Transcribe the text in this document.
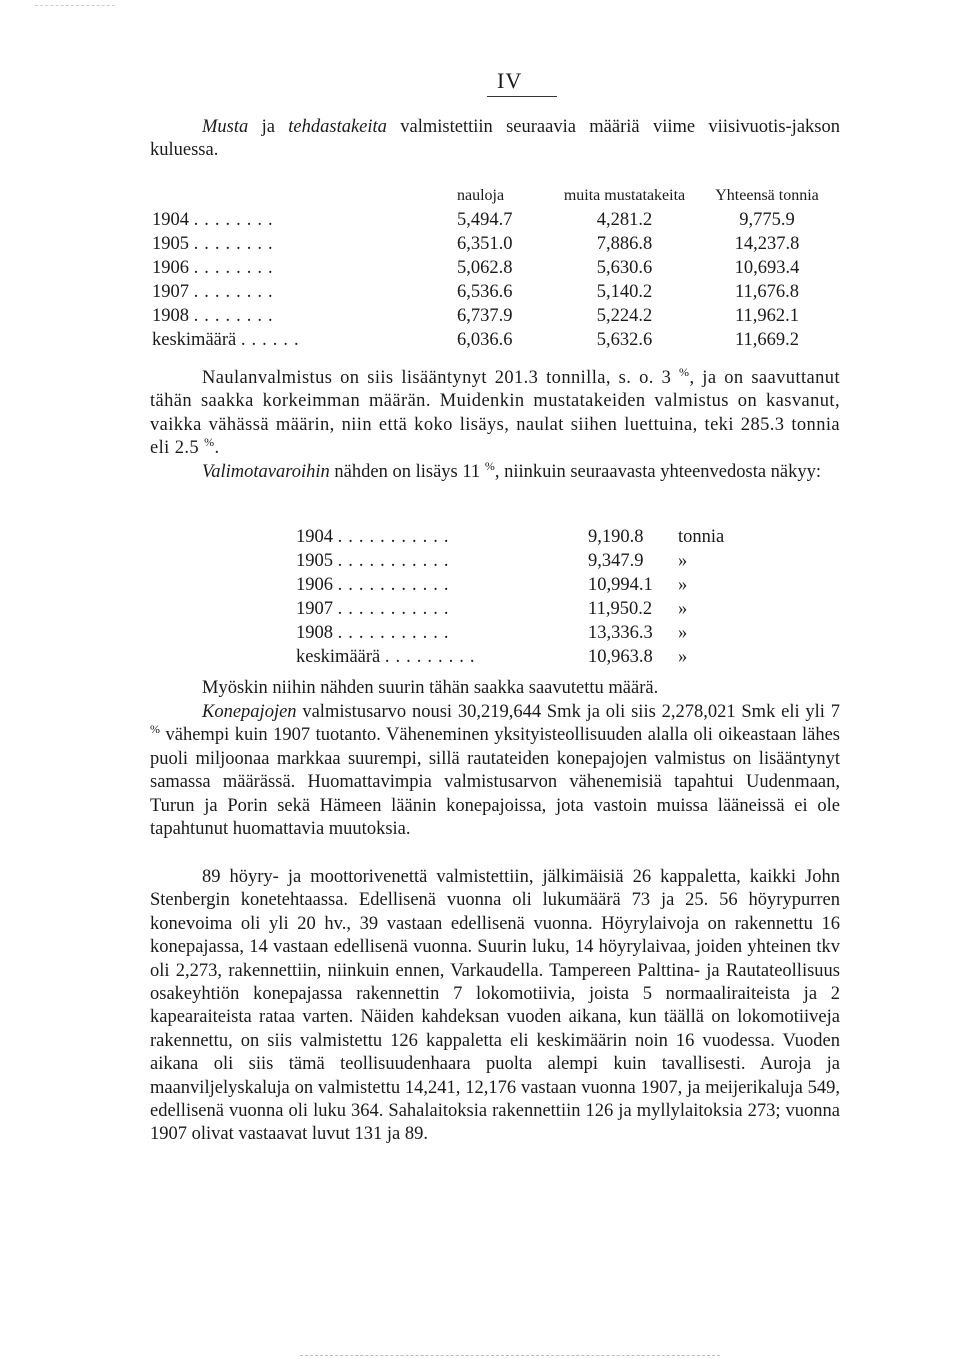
IV

Musta ja tehdastakeita valmistettiin seuraavia määriä viime viisivuotis-jakson kuluessa.

	nauloja	muita mustatakeita	Yhteensä tonnia
1904 ........	5,494.7	4,281.2	9,775.9
1905 ........	6,351.0	7,886.8	14,237.8
1906 ........	5,062.8	5,630.6	10,693.4
1907 ........	6,536.6	5,140.2	11,676.8
1908 ........	6,737.9	5,224.2	11,962.1
keskimäärä ......	6,036.6	5,632.6	11,669.2

Naulanvalmistus on siis lisääntynyt 201.3 tonnilla, s. o. 3 %, ja on saavuttanut tähän saakka korkeimman määrän. Muidenkin mustatakeiden valmistus on kasvanut, vaikka vähässä määrin, niin että koko lisäys, naulat siihen luettuina, teki 285.3 tonnia eli 2.5 %.

Valimotavaroihin nähden on lisäys 11 %, niinkuin seuraavasta yhteenvedosta näkyy:

1904 ...........	9,190.8	tonnia
1905 ...........	9,347.9	»
1906 ...........	10,994.1	»
1907 ...........	11,950.2	»
1908 ...........	13,336.3	»
keskimäärä .........	10,963.8	»

Myöskin niihin nähden suurin tähän saakka saavutettu määrä.

Konepajojen valmistusarvo nousi 30,219,644 Smk ja oli siis 2,278,021 Smk eli yli 7 % vähempi kuin 1907 tuotanto. Väheneminen yksityisteollisuuden alalla oli oikeastaan lähes puoli miljoonaa markkaa suurempi, sillä rautateiden konepajojen valmistus on lisääntynyt samassa määrässä. Huomattavimpia valmistusarvon vähenemisiä tapahtui Uudenmaan, Turun ja Porin sekä Hämeen läänin konepajoissa, jota vastoin muissa lääneissä ei ole tapahtunut huomattavia muutoksia.

89 höyry- ja moottorivenettä valmistettiin, jälkimäisiä 26 kappaletta, kaikki John Stenbergin konetehtaassa. Edellisenä vuonna oli lukumäärä 73 ja 25. 56 höyrypurren konevoima oli yli 20 hv., 39 vastaan edellisenä vuonna. Höyrylaivoja on rakennettu 16 konepajassa, 14 vastaan edellisenä vuonna. Suurin luku, 14 höyrylaivaa, joiden yhteinen tkv oli 2,273, rakennettiin, niinkuin ennen, Varkaudella. Tampereen Palttina- ja Rautateollisuus osakeyhtiön konepajassa rakennettin 7 lokomotiivia, joista 5 normaaliraiteista ja 2 kapearaiteista rataa varten. Näiden kahdeksan vuoden aikana, kun täällä on lokomotiiveja rakennettu, on siis valmistettu 126 kappaletta eli keskimäärin noin 16 vuodessa. Vuoden aikana oli siis tämä teollisuudenhaara puolta alempi kuin tavallisesti. Auroja ja maanviljelyskaluja on valmistettu 14,241, 12,176 vastaan vuonna 1907, ja meijerikaluja 549, edellisenä vuonna oli luku 364. Sahalaitoksia rakennettiin 126 ja myllylaitoksia 273; vuonna 1907 olivat vastaavat luvut 131 ja 89.
